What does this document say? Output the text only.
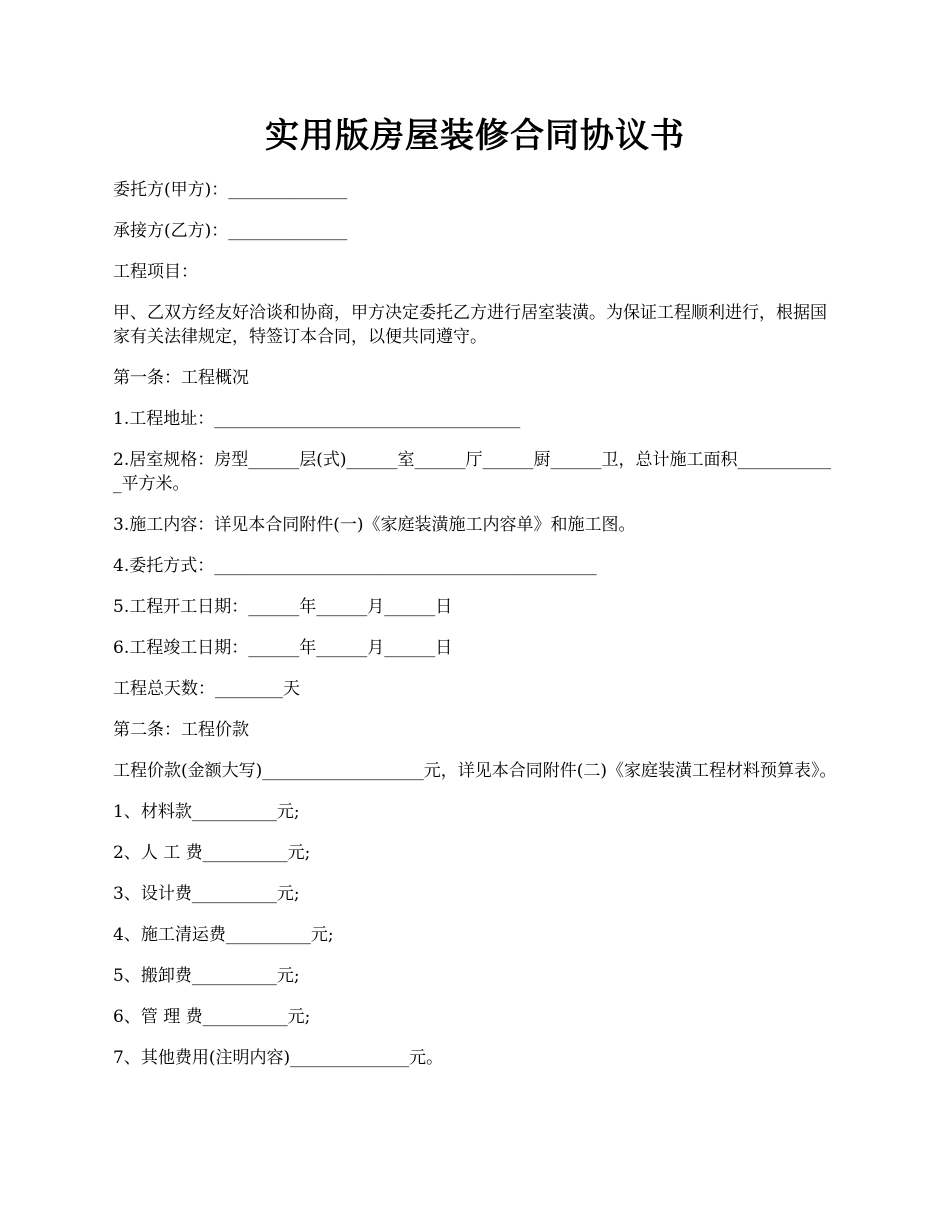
实用版房屋装修合同协议书

委托方(甲方)：______________

承接方(乙方)：______________

工程项目：

甲、乙双方经友好洽谈和协商，甲方决定委托乙方进行居室装潢。为保证工程顺利进行，根据国家有关法律规定，特签订本合同，以便共同遵守。

第一条：工程概况

1.工程地址：____________________________________

2.居室规格：房型______层(式)______室______厅______厨______卫，总计施工面积____________平方米。

3.施工内容：详见本合同附件(一)《家庭装潢施工内容单》和施工图。

4.委托方式：_____________________________________________

5.工程开工日期：______年______月______日

6.工程竣工日期：______年______月______日

工程总天数：________天

第二条：工程价款

工程价款(金额大写)___________________元，详见本合同附件(二)《家庭装潢工程材料预算表》。

1、材料款__________元;

2、人 工 费__________元;

3、设计费__________元;

4、施工清运费__________元;

5、搬卸费__________元;

6、管 理 费__________元;

7、其他费用(注明内容)______________元。
